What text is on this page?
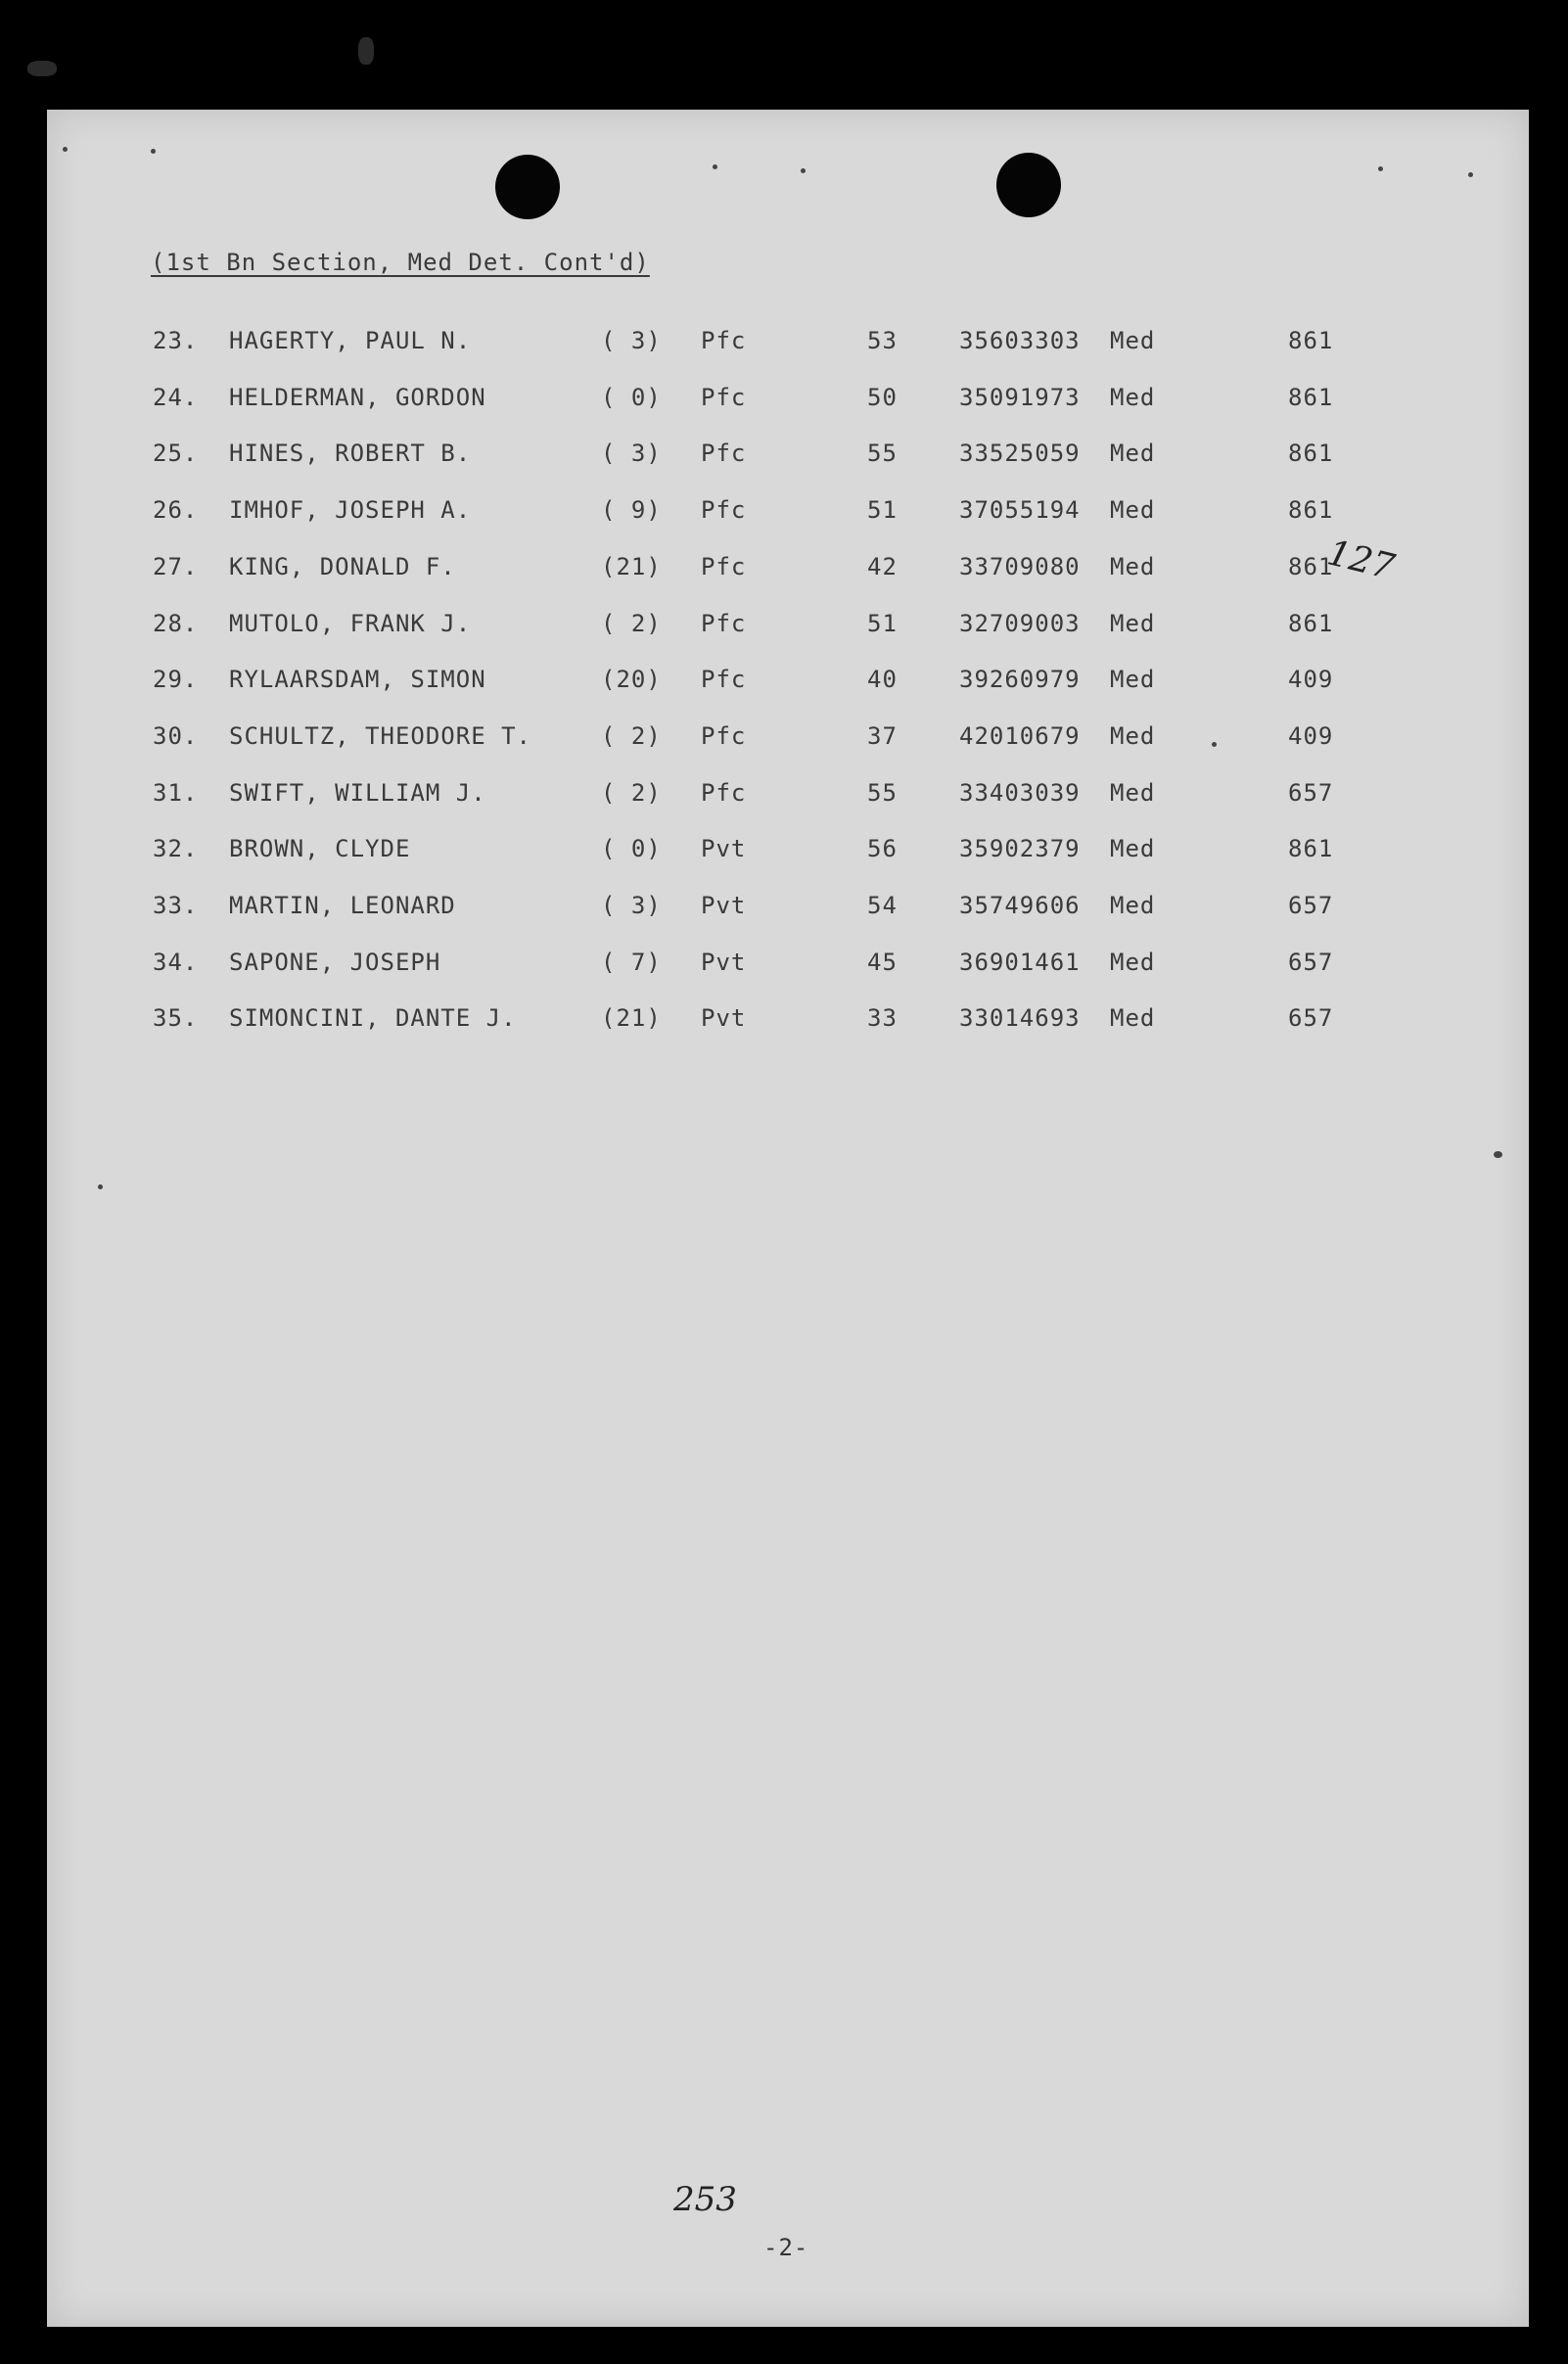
(1st Bn Section, Med Det. Cont'd)
23. HAGERTY, PAUL N.	( 3) Pfc	53	35603303 Med	861
24. HELDERMAN, GORDON	( 0) Pfc	50	35091973 Med	861
25. HINES, ROBERT B.	( 3) Pfc	55	33525059 Med	861
26. IMHOF, JOSEPH A.	( 9) Pfc	51	37055194 Med	861
27. KING, DONALD F.	(21) Pfc	42	33709080 Med	861
28. MUTOLO, FRANK J.	( 2) Pfc	51	32709003 Med	861
29. RYLAARSDAM, SIMON	(20) Pfc	40	39260979 Med	409
30. SCHULTZ, THEODORE T.	( 2) Pfc	37	42010679 Med	409
31. SWIFT, WILLIAM J.	( 2) Pfc	55	33403039 Med	657
32. BROWN, CLYDE	( 0) Pvt	56	35902379 Med	861
33. MARTIN, LEONARD	( 3) Pvt	54	35749606 Med	657
34. SAPONE, JOSEPH	( 7) Pvt	45	36901461 Med	657
35. SIMONCINI, DANTE J.	(21) Pvt	33	33014693 Med	657
127
253
-2-
